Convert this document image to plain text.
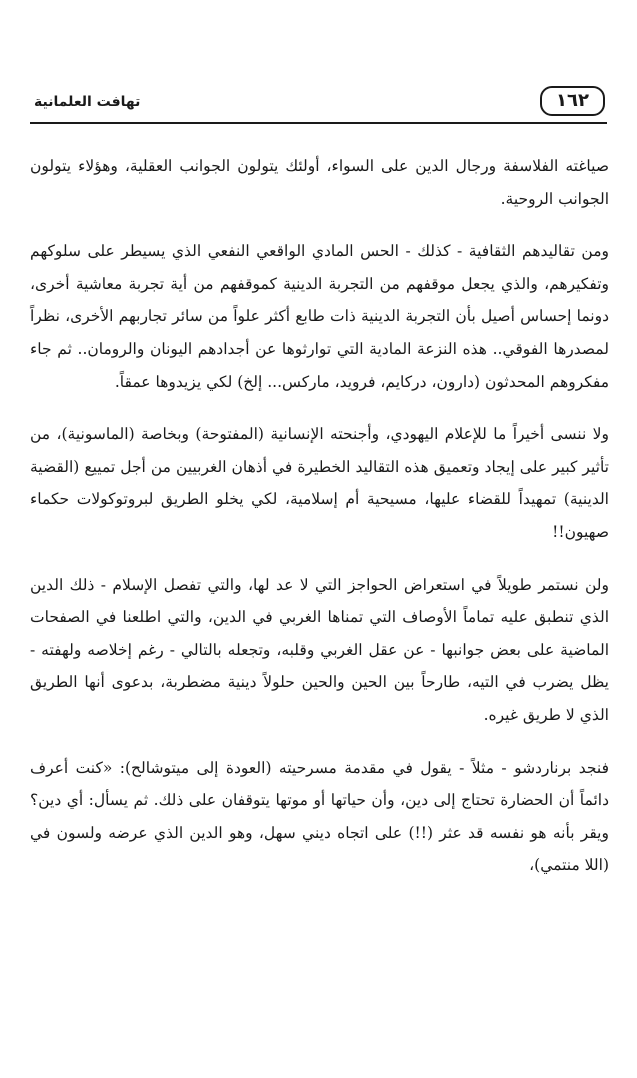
تهافت العلمانية	١٦٢

صياغته الفلاسفة ورجال الدين على السواء، أولئك يتولون الجوانب العقلية، وهؤلاء يتولون الجوانب الروحية.

ومن تقاليدهم الثقافية - كذلك - الحس المادي الواقعي النفعي الذي يسيطر على سلوكهم وتفكيرهم، والذي يجعل موقفهم من التجربة الدينية كموقفهم من أية تجربة معاشية أخرى، دونما إحساس أصيل بأن التجربة الدينية ذات طابع أكثر علواً من سائر تجاربهم الأخرى، نظراً لمصدرها الفوقي.. هذه النزعة المادية التي توارثوها عن أجدادهم اليونان والرومان.. ثم جاء مفكروهم المحدثون (دارون، دركايم، فرويد، ماركس... إلخ) لكي يزيدوها عمقاً.

ولا ننسى أخيراً ما للإعلام اليهودي، وأجنحته الإنسانية (المفتوحة) وبخاصة (الماسونية)، من تأثير كبير على إيجاد وتعميق هذه التقاليد الخطيرة في أذهان الغربيين من أجل تمييع (القضية الدينية) تمهيداً للقضاء عليها، مسيحية أم إسلامية، لكي يخلو الطريق لبروتوكولات حكماء صهيون!!

ولن نستمر طويلاً في استعراض الحواجز التي لا عد لها، والتي تفصل الإسلام - ذلك الدين الذي تنطبق عليه تماماً الأوصاف التي تمناها الغربي في الدين، والتي اطلعنا في الصفحات الماضية على بعض جوانبها - عن عقل الغربي وقلبه، وتجعله بالتالي - رغم إخلاصه ولهفته - يظل يضرب في التيه، طارحاً بين الحين والحين حلولاً دينية مضطربة، بدعوى أنها الطريق الذي لا طريق غيره.

فنجد برناردشو - مثلاً - يقول في مقدمة مسرحيته (العودة إلى ميتوشالح): «كنت أعرف دائماً أن الحضارة تحتاج إلى دين، وأن حياتها أو موتها يتوقفان على ذلك. ثم يسأل: أي دين؟ ويقر بأنه هو نفسه قد عثر (!!) على اتجاه ديني سهل، وهو الدين الذي عرضه ولسون في (اللا منتمي)،
